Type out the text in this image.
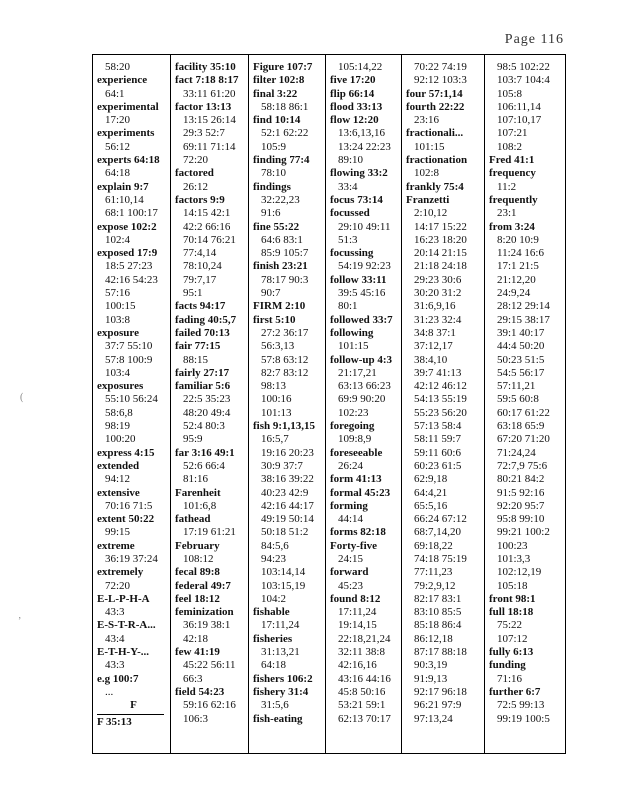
Page 116
(
’

58:20

experience

64:1

experimental

17:20

experiments

56:12

experts 64:18

64:18

explain 9:7

61:10,14

68:1 100:17

expose 102:2

102:4

exposed 17:9

18:5 27:23

42:16 54:23

57:16

100:15

103:8

exposure

37:7 55:10

57:8 100:9

103:4

exposures

55:10 56:24

58:6,8

98:19

100:20

express 4:15

extended

94:12

extensive

70:16 71:5

extent 50:22

99:15

extreme

36:19 37:24

extremely

72:20

E-L-P-H-A

43:3

E-S-T-R-A...

43:4

E-T-H-Y-...

43:3

e.g 100:7

...

F

F 35:13

facility 35:10

fact 7:18 8:17

33:11 61:20

factor 13:13

13:15 26:14

29:3 52:7

69:11 71:14

72:20

factored

26:12

factors 9:9

14:15 42:1

42:2 66:16

70:14 76:21

77:4,14

78:10,24

79:7,17

95:1

facts 94:17

fading 40:5,7

failed 70:13

fair 77:15

88:15

fairly 27:17

familiar 5:6

22:5 35:23

48:20 49:4

52:4 80:3

95:9

far 3:16 49:1

52:6 66:4

81:16

Farenheit

101:6,8

fathead

17:19 61:21

February

108:12

fecal 89:8

federal 49:7

feel 18:12

feminization

36:19 38:1

42:18

few 41:19

45:22 56:11

66:3

field 54:23

59:16 62:16

106:3

Figure 107:7

filter 102:8

final 3:22

58:18 86:1

find 10:14

52:1 62:22

105:9

finding 77:4

78:10

findings

32:22,23

91:6

fine 55:22

64:6 83:1

85:9 105:7

finish 23:21

78:17 90:3

90:7

FIRM 2:10

first 5:10

27:2 36:17

56:3,13

57:8 63:12

82:7 83:12

98:13

100:16

101:13

fish 9:1,13,15

16:5,7

19:16 20:23

30:9 37:7

38:16 39:22

40:23 42:9

42:16 44:17

49:19 50:14

50:18 51:2

84:5,6

94:23

103:14,14

103:15,19

104:2

fishable

17:11,24

fisheries

31:13,21

64:18

fishers 106:2

fishery 31:4

31:5,6

fish-eating

105:14,22

five 17:20

flip 66:14

flood 33:13

flow 12:20

13:6,13,16

13:24 22:23

89:10

flowing 33:2

33:4

focus 73:14

focussed

29:10 49:11

51:3

focussing

54:19 92:23

follow 33:11

39:5 45:16

80:1

followed 33:7

following

101:15

follow-up 4:3

21:17,21

63:13 66:23

69:9 90:20

102:23

foregoing

109:8,9

foreseeable

26:24

form 41:13

formal 45:23

forming

44:14

forms 82:18

Forty-five

24:15

forward

45:23

found 8:12

17:11,24

19:14,15

22:18,21,24

32:11 38:8

42:16,16

43:16 44:16

45:8 50:16

53:21 59:1

62:13 70:17

70:22 74:19

92:12 103:3

four 57:1,14

fourth 22:22

23:16

fractionali...

101:15

fractionation

102:8

frankly 75:4

Franzetti

2:10,12

14:17 15:22

16:23 18:20

20:14 21:15

21:18 24:18

29:23 30:6

30:20 31:2

31:6,9,16

31:23 32:4

34:8 37:1

37:12,17

38:4,10

39:7 41:13

42:12 46:12

54:13 55:19

55:23 56:20

57:13 58:4

58:11 59:7

59:11 60:6

60:23 61:5

62:9,18

64:4,21

65:5,16

66:24 67:12

68:7,14,20

69:18,22

74:18 75:19

77:11,23

79:2,9,12

82:17 83:1

83:10 85:5

85:18 86:4

86:12,18

87:17 88:18

90:3,19

91:9,13

92:17 96:18

96:21 97:9

97:13,24

98:5 102:22

103:7 104:4

105:8

106:11,14

107:10,17

107:21

108:2

Fred 41:1

frequency

11:2

frequently

23:1

from 3:24

8:20 10:9

11:24 16:6

17:1 21:5

21:12,20

24:9,24

28:12 29:14

29:15 38:17

39:1 40:17

44:4 50:20

50:23 51:5

54:5 56:17

57:11,21

59:5 60:8

60:17 61:22

63:18 65:9

67:20 71:20

71:24,24

72:7,9 75:6

80:21 84:2

91:5 92:16

92:20 95:7

95:8 99:10

99:21 100:2

100:23

101:3,3

102:12,19

105:18

front 98:1

full 18:18

75:22

107:12

fully 6:13

funding

71:16

further 6:7

72:5 99:13

99:19 100:5
